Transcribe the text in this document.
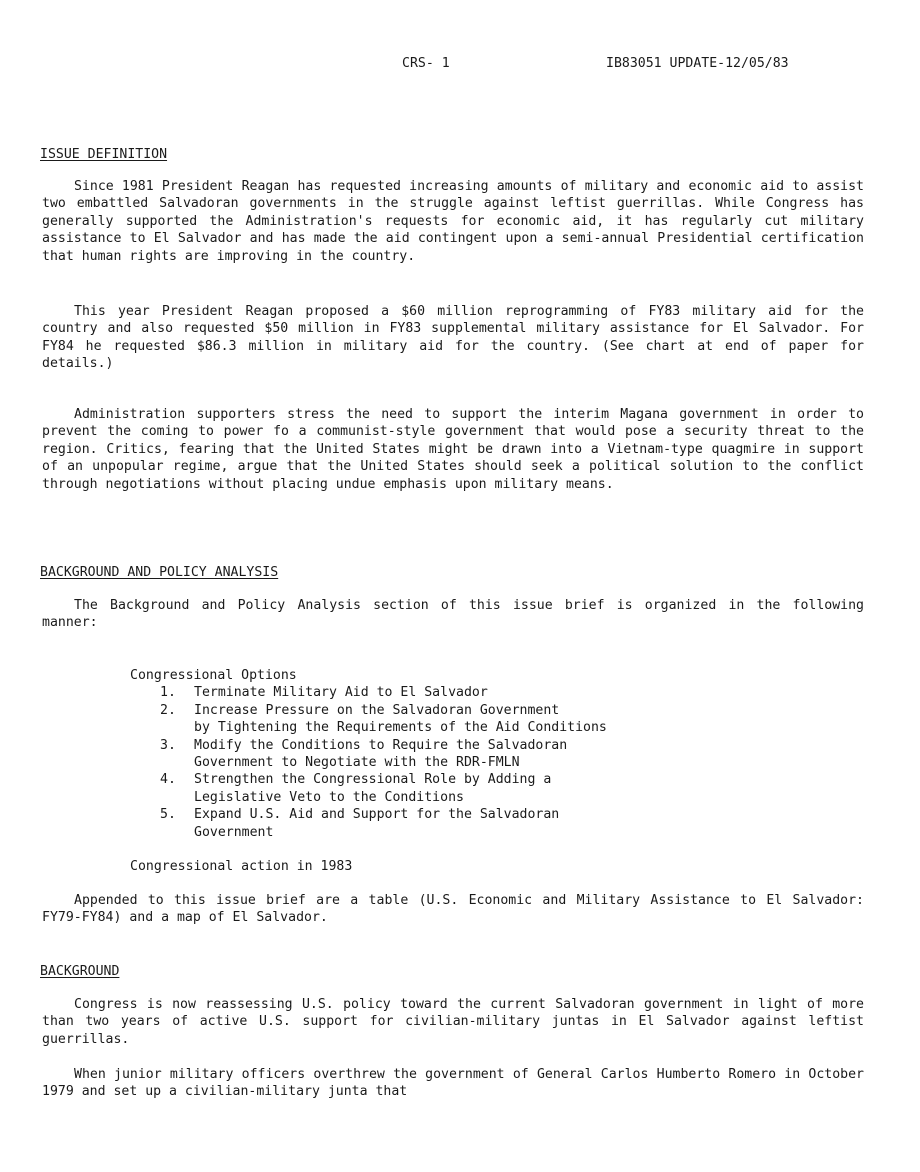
CRS- 1	IB83051 UPDATE-12/05/83
ISSUE DEFINITION

Since 1981 President Reagan has requested increasing amounts of military and economic aid to assist two embattled Salvadoran governments in the struggle against leftist guerrillas. While Congress has generally supported the Administration's requests for economic aid, it has regularly cut military assistance to El Salvador and has made the aid contingent upon a semi-annual Presidential certification that human rights are improving in the country.

This year President Reagan proposed a $60 million reprogramming of FY83 military aid for the country and also requested $50 million in FY83 supplemental military assistance for El Salvador. For FY84 he requested $86.3 million in military aid for the country. (See chart at end of paper for details.)

Administration supporters stress the need to support the interim Magana government in order to prevent the coming to power fo a communist-style government that would pose a security threat to the region. Critics, fearing that the United States might be drawn into a Vietnam-type quagmire in support of an unpopular regime, argue that the United States should seek a political solution to the conflict through negotiations without placing undue emphasis upon military means.

BACKGROUND AND POLICY ANALYSIS

The Background and Policy Analysis section of this issue brief is organized in the following manner:

Congressional Options

1. Terminate Military Aid to El Salvador
2. Increase Pressure on the Salvadoran Government
by Tightening the Requirements of the Aid Conditions
3. Modify the Conditions to Require the Salvadoran
Government to Negotiate with the RDR-FMLN
4. Strengthen the Congressional Role by Adding a
Legislative Veto to the Conditions
5. Expand U.S. Aid and Support for the Salvadoran
Government
Congressional action in 1983

Appended to this issue brief are a table (U.S. Economic and Military Assistance to El Salvador: FY79-FY84) and a map of El Salvador.

BACKGROUND

Congress is now reassessing U.S. policy toward the current Salvadoran government in light of more than two years of active U.S. support for civilian-military juntas in El Salvador against leftist guerrillas.

When junior military officers overthrew the government of General Carlos Humberto Romero in October 1979 and set up a civilian-military junta that
